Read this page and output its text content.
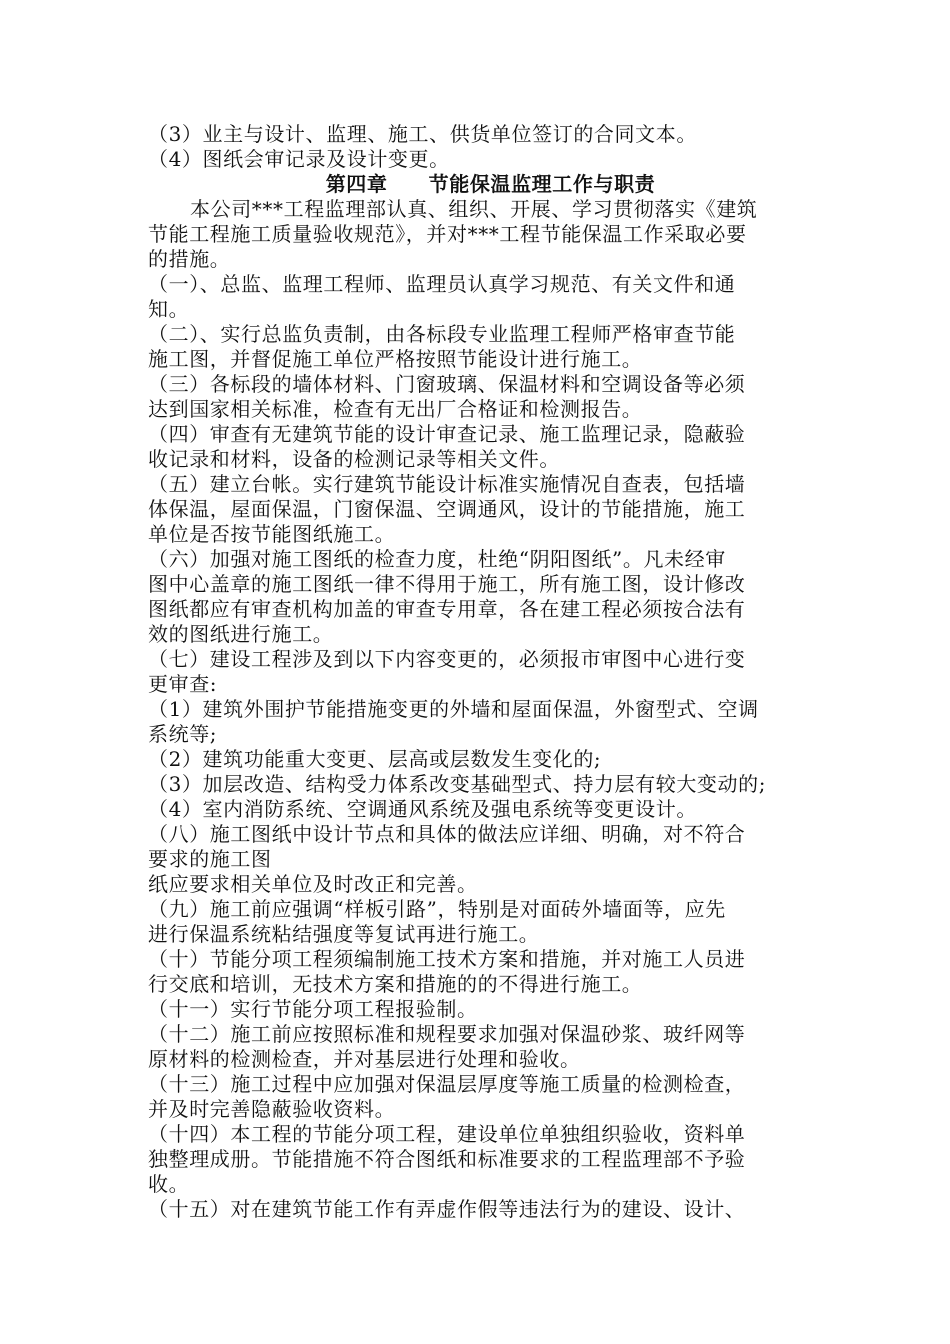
（3）业主与设计、监理、施工、供货单位签订的合同文本。
（4）图纸会审记录及设计变更。
第四章　　节能保温监理工作与职责
本公司***工程监理部认真、组织、开展、学习贯彻落实《建筑
节能工程施工质量验收规范》，并对***工程节能保温工作采取必要
的措施。
（一）、总监、监理工程师、监理员认真学习规范、有关文件和通
知。
（二）、实行总监负责制，由各标段专业监理工程师严格审查节能
施工图，并督促施工单位严格按照节能设计进行施工。
（三）各标段的墙体材料、门窗玻璃、保温材料和空调设备等必须
达到国家相关标准，检查有无出厂合格证和检测报告。
（四）审查有无建筑节能的设计审查记录、施工监理记录，隐蔽验
收记录和材料，设备的检测记录等相关文件。
（五）建立台帐。实行建筑节能设计标准实施情况自查表，包括墙
体保温，屋面保温，门窗保温、空调通风，设计的节能措施，施工
单位是否按节能图纸施工。
（六）加强对施工图纸的检查力度，杜绝“阴阳图纸”。凡未经审
图中心盖章的施工图纸一律不得用于施工，所有施工图，设计修改
图纸都应有审查机构加盖的审查专用章，各在建工程必须按合法有
效的图纸进行施工。
（七）建设工程涉及到以下内容变更的，必须报市审图中心进行变
更审查:
（1）建筑外围护节能措施变更的外墙和屋面保温，外窗型式、空调
系统等;
（2）建筑功能重大变更、层高或层数发生变化的;
（3）加层改造、结构受力体系改变基础型式、持力层有较大变动的;
（4）室内消防系统、空调通风系统及强电系统等变更设计。
（八）施工图纸中设计节点和具体的做法应详细、明确，对不符合
要求的施工图
纸应要求相关单位及时改正和完善。
（九）施工前应强调“样板引路”，特别是对面砖外墙面等，应先
进行保温系统粘结强度等复试再进行施工。
（十）节能分项工程须编制施工技术方案和措施，并对施工人员进
行交底和培训，无技术方案和措施的的不得进行施工。
（十一）实行节能分项工程报验制。
（十二）施工前应按照标准和规程要求加强对保温砂浆、玻纤网等
原材料的检测检查，并对基层进行处理和验收。
（十三）施工过程中应加强对保温层厚度等施工质量的检测检查，
并及时完善隐蔽验收资料。
（十四）本工程的节能分项工程，建设单位单独组织验收，资料单
独整理成册。节能措施不符合图纸和标准要求的工程监理部不予验
收。
（十五）对在建筑节能工作有弄虚作假等违法行为的建设、设计、
